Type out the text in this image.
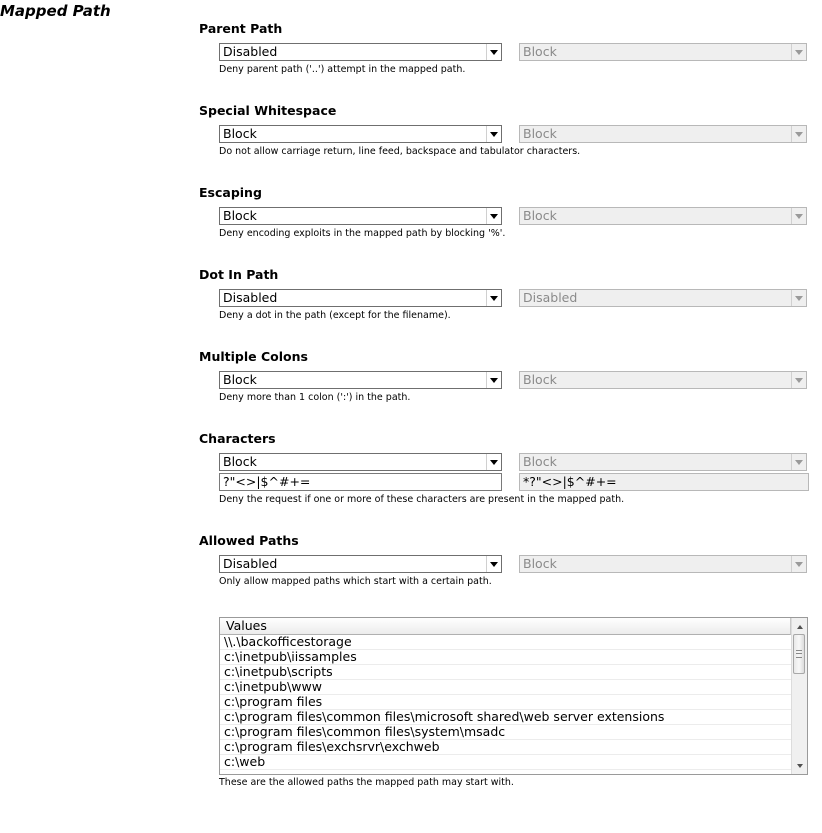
Mapped Path
Parent Path
Disabled	Block
Deny parent path ('..') attempt in the mapped path.
Special Whitespace
Block	Block
Do not allow carriage return, line feed, backspace and tabulator characters.
Escaping
Block	Block
Deny encoding exploits in the mapped path by blocking '%'.
Dot In Path
Disabled	Disabled
Deny a dot in the path (except for the filename).
Multiple Colons
Block	Block
Deny more than 1 colon (':') in the path.
Characters
Block	Block
?"<>|$^#+=	*?"<>|$^#+=
Deny the request if one or more of these characters are present in the mapped path.
Allowed Paths
Disabled	Block
Only allow mapped paths which start with a certain path.
Values
\\.\backofficestorage
c:\inetpub\iissamples
c:\inetpub\scripts
c:\inetpub\www
c:\program files
c:\program files\common files\microsoft shared\web server extensions
c:\program files\common files\system\msadc
c:\program files\exchsrvr\exchweb
c:\web
These are the allowed paths the mapped path may start with.
